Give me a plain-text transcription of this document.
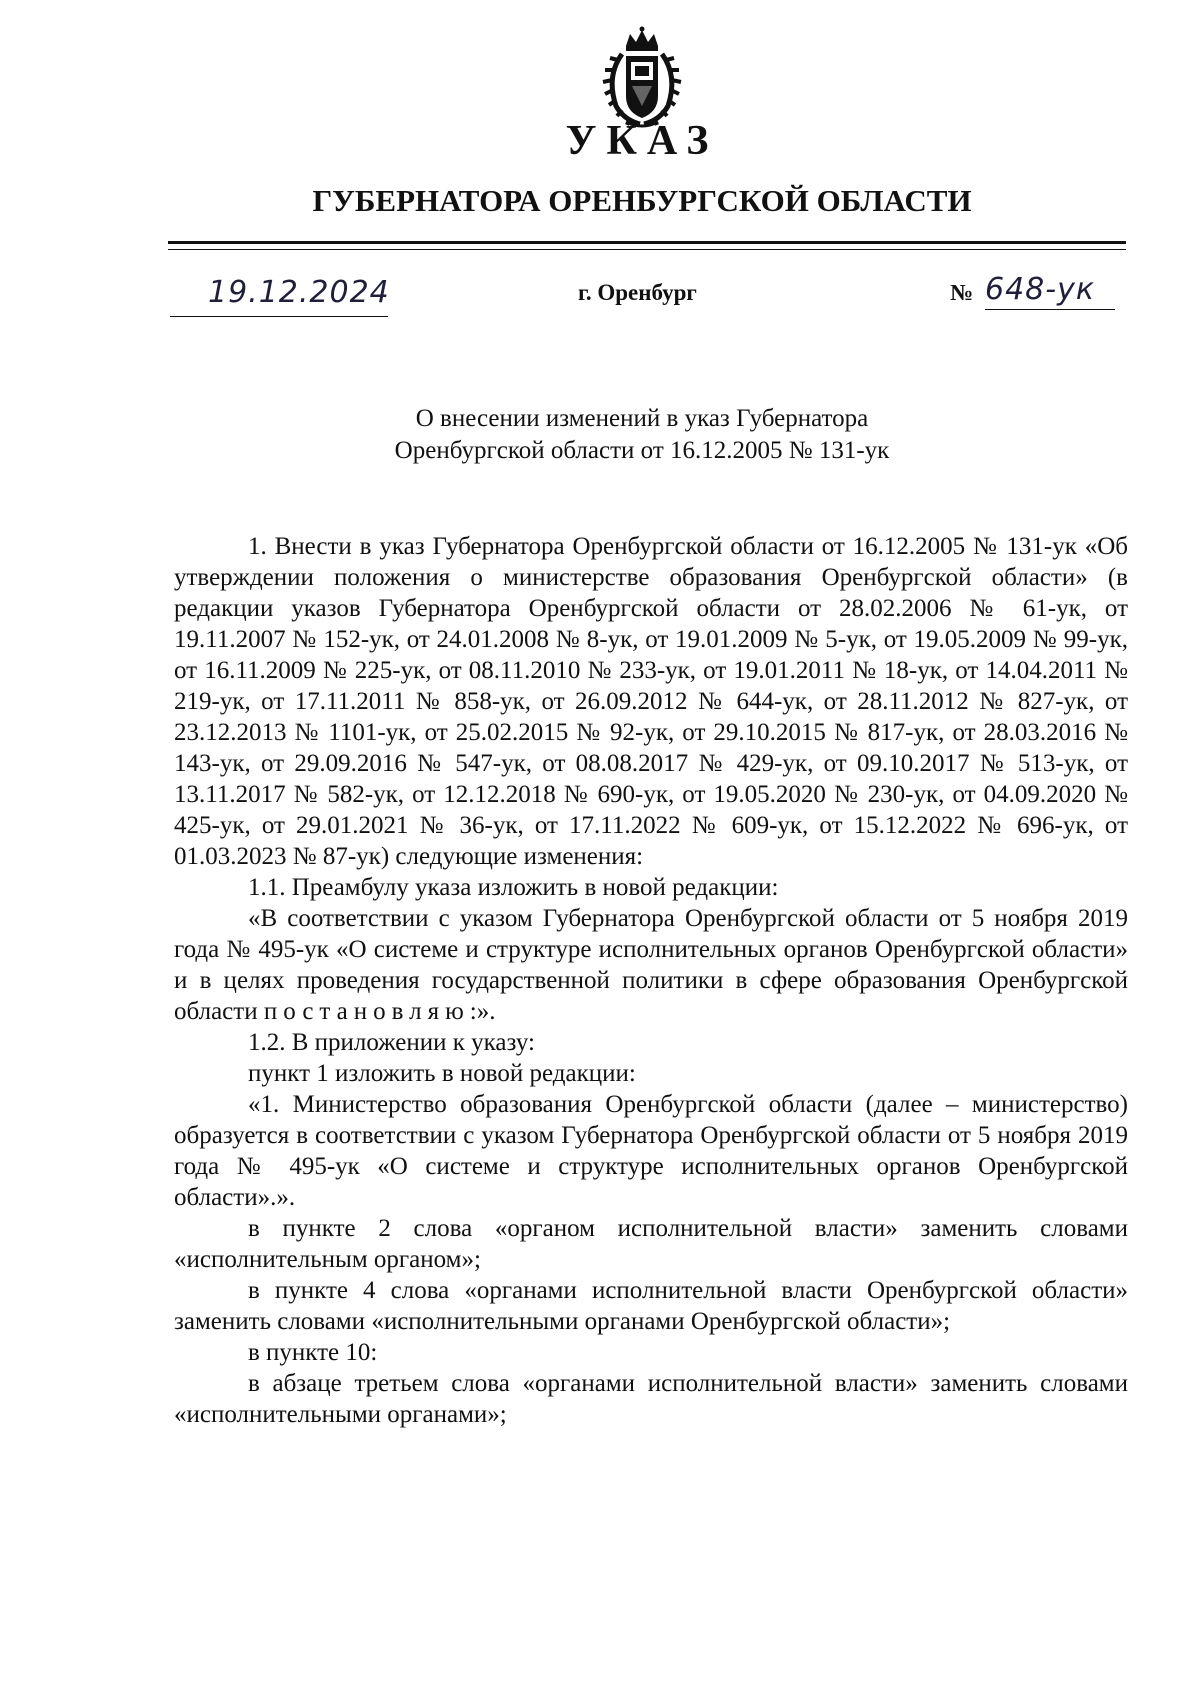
УКАЗ
ГУБЕРНАТОРА ОРЕНБУРГСКОЙ ОБЛАСТИ
19.12.2024	г. Оренбург	№ 648-ук
О внесении изменений в указ Губернатора
Оренбургской области от 16.12.2005 № 131-ук

1. Внести в указ Губернатора Оренбургской области от 16.12.2005 № 131-ук «Об утверждении положения о министерстве образования Оренбургской области» (в редакции указов Губернатора Оренбургской области от 28.02.2006 № 61-ук, от 19.11.2007 № 152-ук, от 24.01.2008 № 8-ук, от 19.01.2009 № 5-ук, от 19.05.2009 № 99-ук, от 16.11.2009 № 225-ук, от 08.11.2010 № 233-ук, от 19.01.2011 № 18-ук, от 14.04.2011 № 219-ук, от 17.11.2011 № 858-ук, от 26.09.2012 № 644-ук, от 28.11.2012 № 827-ук, от 23.12.2013 № 1101-ук, от 25.02.2015 № 92-ук, от 29.10.2015 № 817-ук, от 28.03.2016 № 143-ук, от 29.09.2016 № 547-ук, от 08.08.2017 № 429-ук, от 09.10.2017 № 513-ук, от 13.11.2017 № 582-ук, от 12.12.2018 № 690-ук, от 19.05.2020 № 230-ук, от 04.09.2020 № 425-ук, от 29.01.2021 № 36-ук, от 17.11.2022 № 609-ук, от 15.12.2022 № 696-ук, от 01.03.2023 № 87-ук) следующие изменения:

1.1. Преамбулу указа изложить в новой редакции:

«В соответствии с указом Губернатора Оренбургской области от 5 ноября 2019 года № 495-ук «О системе и структуре исполнительных органов Оренбургской области» и в целях проведения государственной политики в сфере образования Оренбургской области постановляю:».

1.2. В приложении к указу:

пункт 1 изложить в новой редакции:

«1. Министерство образования Оренбургской области (далее – министерство) образуется в соответствии с указом Губернатора Оренбургской области от 5 ноября 2019 года № 495-ук «О системе и структуре исполнительных органов Оренбургской области».».

в пункте 2 слова «органом исполнительной власти» заменить словами «исполнительным органом»;

в пункте 4 слова «органами исполнительной власти Оренбургской области» заменить словами «исполнительными органами Оренбургской области»;

в пункте 10:

в абзаце третьем слова «органами исполнительной власти» заменить словами «исполнительными органами»;
